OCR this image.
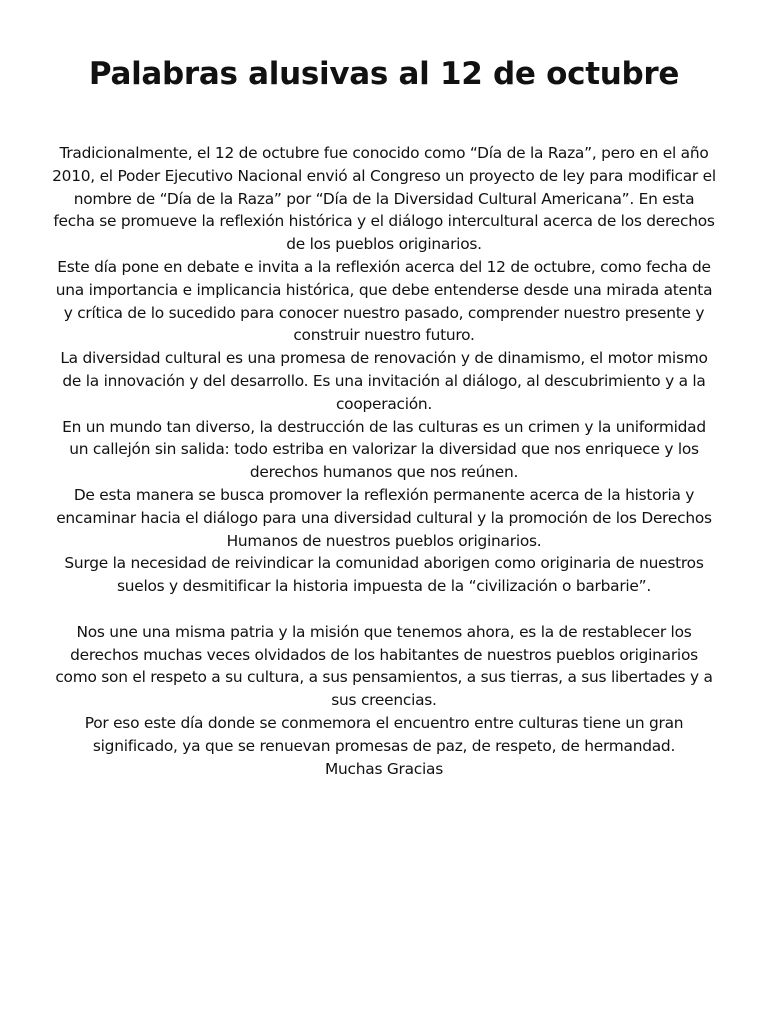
Palabras alusivas al 12 de octubre

Tradicionalmente, el 12 de octubre fue conocido como “Día de la Raza”, pero en el año 2010, el Poder Ejecutivo Nacional envió al Congreso un proyecto de ley para modificar el nombre de “Día de la Raza” por “Día de la Diversidad Cultural Americana”. En esta fecha se promueve la reflexión histórica y el diálogo intercultural acerca de los derechos de los pueblos originarios.

Este día pone en debate e invita a la reflexión acerca del 12 de octubre, como fecha de una importancia e implicancia histórica, que debe entenderse desde una mirada atenta y crítica de lo sucedido para conocer nuestro pasado, comprender nuestro presente y construir nuestro futuro.

La diversidad cultural es una promesa de renovación y de dinamismo, el motor mismo de la innovación y del desarrollo. Es una invitación al diálogo, al descubrimiento y a la cooperación.

En un mundo tan diverso, la destrucción de las culturas es un crimen y la uniformidad un callejón sin salida: todo estriba en valorizar la diversidad que nos enriquece y los derechos humanos que nos reúnen.

De esta manera se busca promover la reflexión permanente acerca de la historia y encaminar hacia el diálogo para una diversidad cultural y la promoción de los Derechos Humanos de nuestros pueblos originarios.

Surge la necesidad de reivindicar la comunidad aborigen como originaria de nuestros suelos y desmitificar la historia impuesta de la “civilización o barbarie”.

Nos une una misma patria y la misión que tenemos ahora, es la de restablecer los derechos muchas veces olvidados de los habitantes de nuestros pueblos originarios como son el respeto a su cultura, a sus pensamientos, a sus tierras, a sus libertades y a sus creencias.

Por eso este día donde se conmemora el encuentro entre culturas tiene un gran significado, ya que se renuevan promesas de paz, de respeto, de hermandad.

Muchas Gracias
